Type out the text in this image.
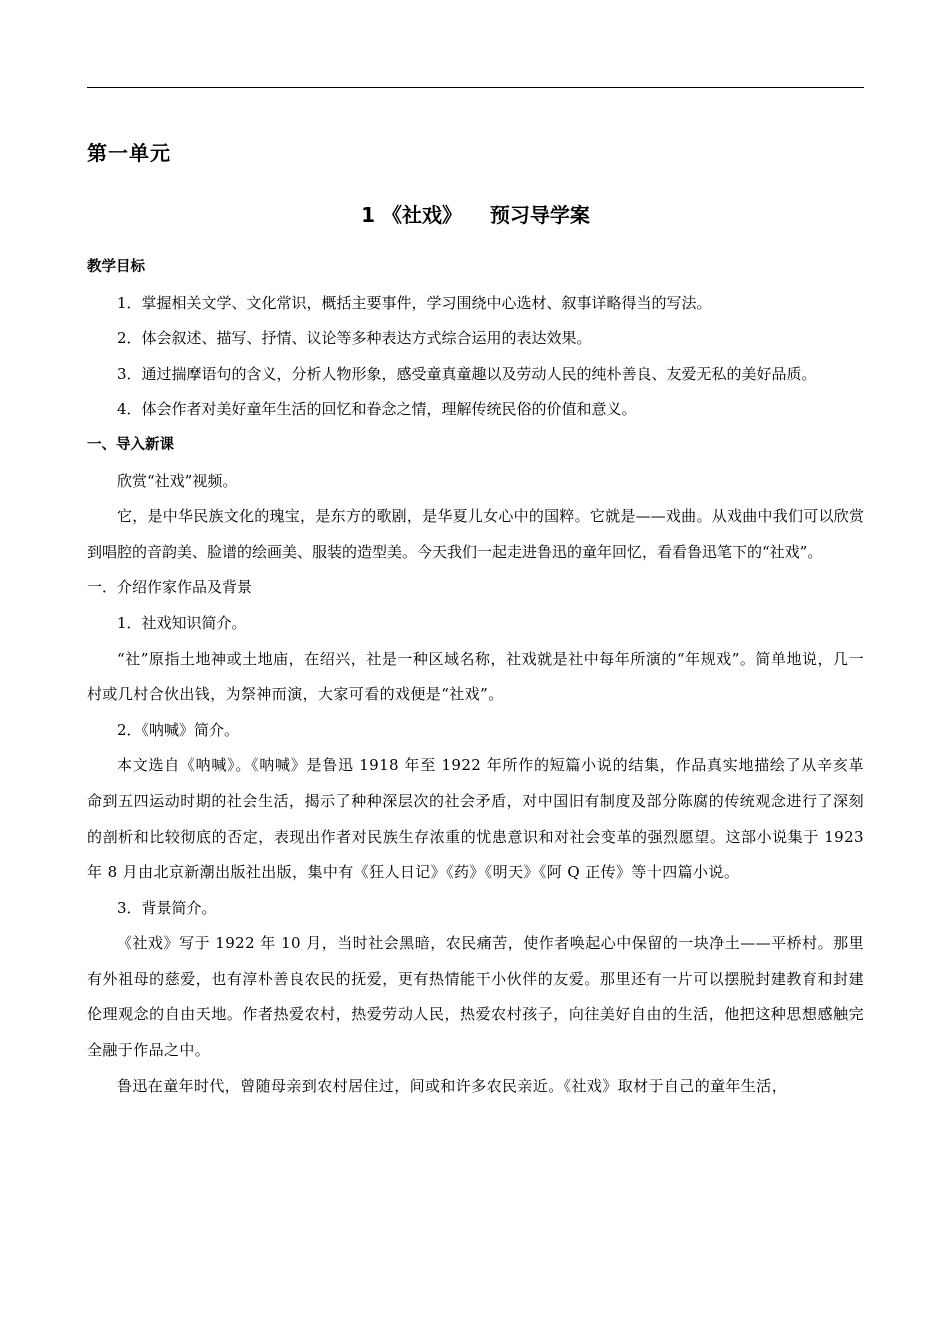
第一单元
1 《社戏》 预习导学案

教学目标

1．掌握相关文学、文化常识，概括主要事件，学习围绕中心选材、叙事详略得当的写法。

2．体会叙述、描写、抒情、议论等多种表达方式综合运用的表达效果。

3．通过揣摩语句的含义，分析人物形象，感受童真童趣以及劳动人民的纯朴善良、友爱无私的美好品质。

4．体会作者对美好童年生活的回忆和眷念之情，理解传统民俗的价值和意义。

一、导入新课

欣赏“社戏”视频。

它，是中华民族文化的瑰宝，是东方的歌剧，是华夏儿女心中的国粹。它就是——戏曲。从戏曲中我们可以欣赏到唱腔的音韵美、脸谱的绘画美、服装的造型美。今天我们一起走进鲁迅的童年回忆，看看鲁迅笔下的“社戏”。

一．介绍作家作品及背景

1．社戏知识简介。

“社”原指土地神或土地庙，在绍兴，社是一种区域名称，社戏就是社中每年所演的“年规戏”。简单地说，几一村或几村合伙出钱，为祭神而演，大家可看的戏便是“社戏”。

2．《呐喊》简介。

本文选自《呐喊》。《呐喊》是鲁迅 1918 年至 1922 年所作的短篇小说的结集，作品真实地描绘了从辛亥革命到五四运动时期的社会生活，揭示了种种深层次的社会矛盾，对中国旧有制度及部分陈腐的传统观念进行了深刻的剖析和比较彻底的否定，表现出作者对民族生存浓重的忧患意识和对社会变革的强烈愿望。这部小说集于 1923 年 8 月由北京新潮出版社出版，集中有《狂人日记》《药》《明天》《阿 Q 正传》等十四篇小说。

3．背景简介。

《社戏》写于 1922 年 10 月，当时社会黑暗，农民痛苦，使作者唤起心中保留的一块净土——平桥村。那里有外祖母的慈爱，也有淳朴善良农民的抚爱，更有热情能干小伙伴的友爱。那里还有一片可以摆脱封建教育和封建伦理观念的自由天地。作者热爱农村，热爱劳动人民，热爱农村孩子，向往美好自由的生活，他把这种思想感触完全融于作品之中。

鲁迅在童年时代，曾随母亲到农村居住过，间或和许多农民亲近。《社戏》取材于自己的童年生活，
